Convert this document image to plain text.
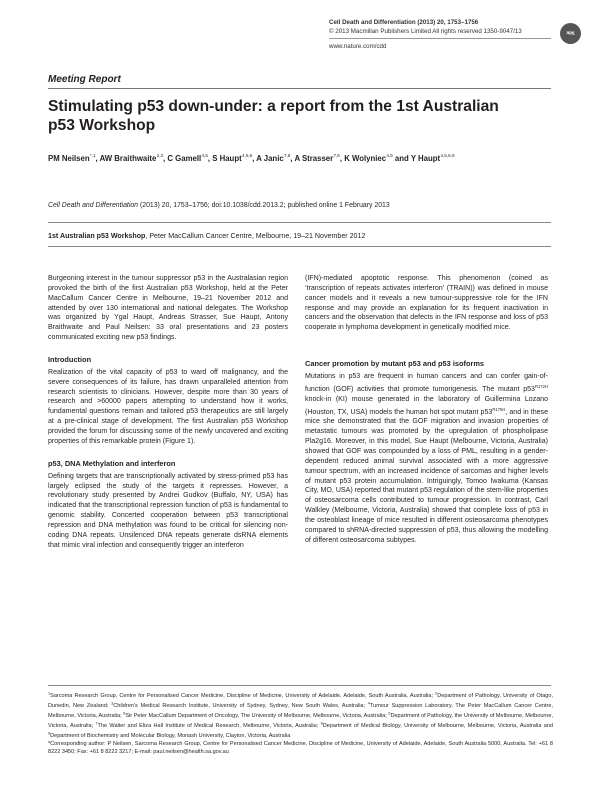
Cell Death and Differentiation (2013) 20, 1753–1756
© 2013 Macmillan Publishers Limited All rights reserved 1350-9047/13
www.nature.com/cdd
npg
Meeting Report
Stimulating p53 down-under: a report from the 1st Australian p53 Workshop
PM Neilsen$^{*,1}$, AW Braithwaite$^{2,3}$, C Gamell$^{4,5}$, S Haupt$^{4,5,6}$, A Janic$^{7,8}$, A Strasser$^{7,8}$, K Wolyniec$^{4,5}$ and Y Haupt$^{4,5,6,9}$
Cell Death and Differentiation (2013) 20, 1753–1756; doi:10.1038/cdd.2013.2; published online 1 February 2013
1st Australian p53 Workshop, Peter MacCallum Cancer Centre, Melbourne, 19–21 November 2012

Burgeoning interest in the tumour suppressor p53 in the Australasian region provoked the birth of the first Australian p53 Workshop, held at the Peter MacCallum Cancer Centre in Melbourne, 19–21 November 2012 and attended by over 130 international and national delegates. The Workshop was organized by Ygal Haupt, Andreas Strasser, Sue Haupt, Antony Braithwaite and Paul Neilsen: 33 oral presentations and 23 posters communicated exciting new p53 findings.

Introduction

Realization of the vital capacity of p53 to ward off malignancy, and the severe consequences of its failure, has drawn unparalleled attention from research scientists to clinicians. However, despite more than 30 years of research and >60000 papers attempting to understand how it works, fundamental questions remain and tailored p53 therapeutics are still largely at a pre-clinical stage of development. The first Australian p53 Workshop provided the forum for discussing some of the newly uncovered and exciting properties of this remarkable protein (Figure 1).

p53, DNA Methylation and interferon

Defining targets that are transcriptionally activated by stress-primed p53 has largely eclipsed the study of the targets it represses. However, a revolutionary study presented by Andrei Gudkov (Buffalo, NY, USA) has indicated that the transcriptional repression function of p53 is fundamental to genomic stability. Concerted cooperation between p53 transcriptional repression and DNA methylation was found to be critical for silencing non-coding DNA repeats. Unsilenced DNA repeats generate dsRNA elements that mimic viral infection and consequently trigger an interferon

(IFN)-mediated apoptotic response. This phenomenon (coined as ‘transcription of repeats activates interferon’ (TRAIN)) was defined in mouse cancer models and it reveals a new tumour-suppressive role for the IFN response and may provide an explanation for its frequent inactivation in cancers and the observation that defects in the IFN response and loss of p53 cooperate in lymphoma development in genetically modified mice.

Cancer promotion by mutant p53 and p53 isoforms

Mutations in p53 are frequent in human cancers and can confer gain-of-function (GOF) activities that promote tumorigenesis. The mutant $p53^{R172H}$ knock-in (KI) mouse generated in the laboratory of Guillermina Lozano (Houston, TX, USA) models the human hot spot mutant $p53^{R175H}$, and in these mice she demonstrated that the GOF migration and invasion properties of metastatic tumours was promoted by the upregulation of phospholipase Pla2g16. Moreover, in this model, Sue Haupt (Melbourne, Victoria, Australia) showed that GOF was compounded by a loss of PML, resulting in a gender-dependent reduced animal survival associated with a more aggressive tumour spectrum, with an increased incidence of sarcomas and higher levels of mutant p53 protein accumulation. Intriguingly, Tomoo Iwakuma (Kansas City, MO, USA) reported that mutant p53 regulation of the stem-like properties of osteosarcoma cells contributed to tumour progression. In contrast, Carl Walkley (Melbourne, Victoria, Australia) showed that complete loss of p53 in the osteoblast lineage of mice resulted in different osteosarcoma phenotypes compared to shRNA-directed suppression of p53, thus allowing the modelling of different osteosarcoma subtypes.

$^1$Sarcoma Research Group, Centre for Personalised Cancer Medicine, Discipline of Medicine, University of Adelaide, Adelaide, South Australia, Australia; $^2$Department of Pathology, University of Otago, Dunedin, New Zealand; $^3$Children's Medical Research Institute, University of Sydney, Sydney, New South Wales, Australia; $^4$Tumour Suppression Laboratory, The Peter MacCallum Cancer Centre, Melbourne, Victoria, Australia; $^5$Sir Peter MacCallum Department of Oncology, The University of Melbourne, Melbourne, Victoria, Australia; $^6$Department of Pathology, the University of Melbourne, Melbourne, Victoria, Australia; $^7$The Walter and Eliza Hall Institute of Medical Research, Melbourne, Victoria, Australia; $^8$Department of Medical Biology, University of Melbourne, Melbourne, Victoria, Australia and $^9$Department of Biochemistry and Molecular Biology, Monash University, Clayton, Victoria, Australia
*Corresponding author: P Neilsen, Sarcoma Research Group, Centre for Personalised Cancer Medicine, Discipline of Medicine, University of Adelaide, Adelaide, South Australia 5000, Australia. Tel: +61 8 8222 3450; Fax: +61 8 8222 3217; E-mail: paul.neilsen@health.sa.gov.au
